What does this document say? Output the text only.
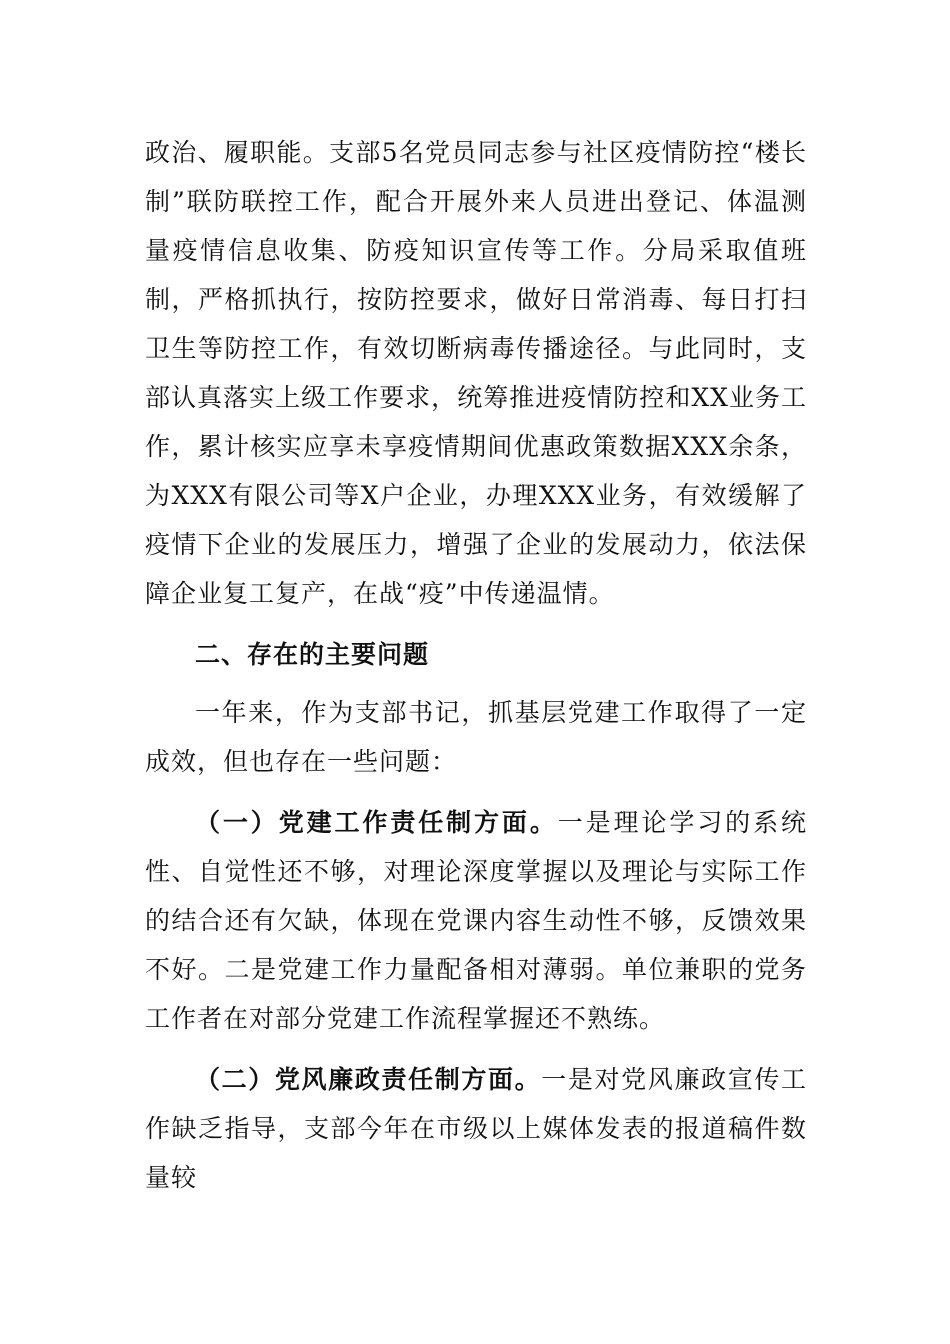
政治、履职能。支部5名党员同志参与社区疫情防控“楼长制”联防联控工作，配合开展外来人员进出登记、体温测量疫情信息收集、防疫知识宣传等工作。分局采取值班制，严格抓执行，按防控要求，做好日常消毒、每日打扫卫生等防控工作，有效切断病毒传播途径。与此同时，支部认真落实上级工作要求，统筹推进疫情防控和XX业务工作，累计核实应享未享疫情期间优惠政策数据XXX余条，为XXX有限公司等X户企业，办理XXX业务，有效缓解了疫情下企业的发展压力，增强了企业的发展动力，依法保障企业复工复产，在战“疫”中传递温情。

二、存在的主要问题

一年来，作为支部书记，抓基层党建工作取得了一定成效，但也存在一些问题：

（一）党建工作责任制方面。一是理论学习的系统性、自觉性还不够，对理论深度掌握以及理论与实际工作的结合还有欠缺，体现在党课内容生动性不够，反馈效果不好。二是党建工作力量配备相对薄弱。单位兼职的党务工作者在对部分党建工作流程掌握还不熟练。

（二）党风廉政责任制方面。一是对党风廉政宣传工作缺乏指导，支部今年在市级以上媒体发表的报道稿件数量较
